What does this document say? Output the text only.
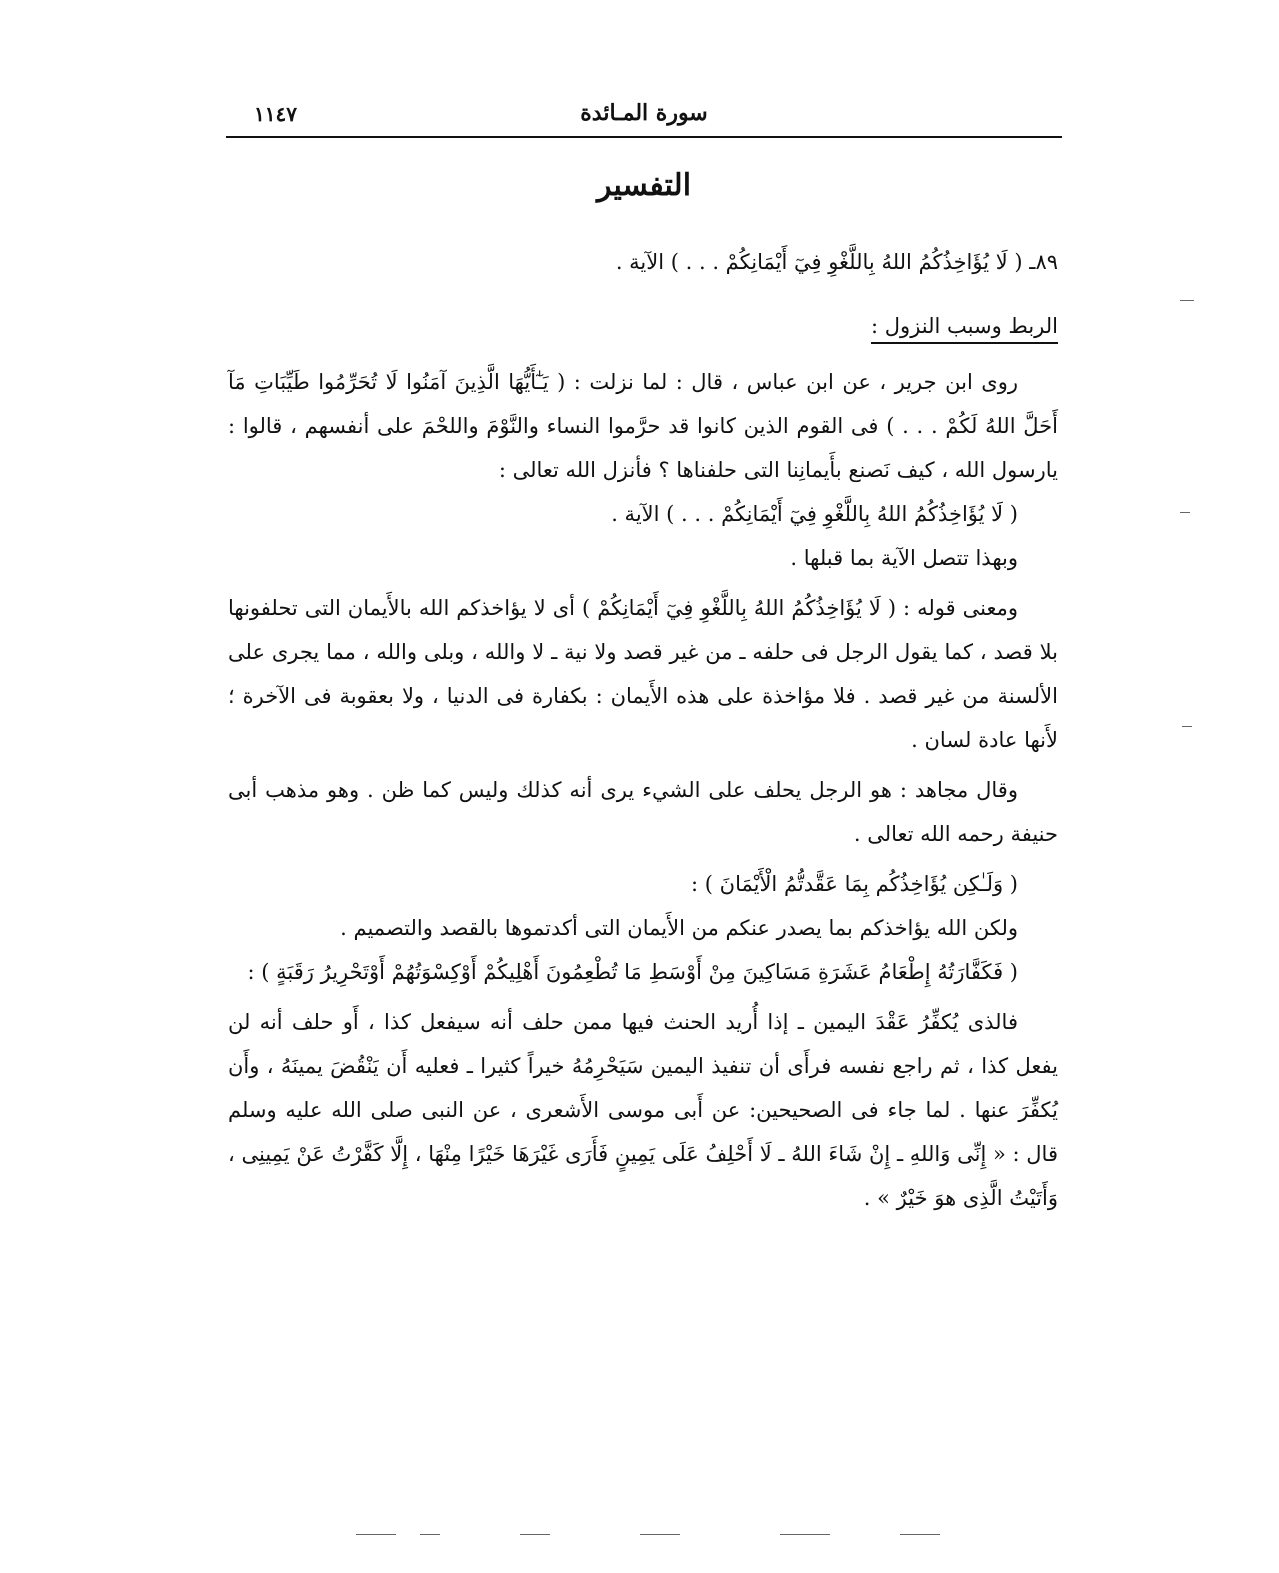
سورة المـائدة
١١٤٧
التفسير
٨٩ـ ( لَا يُؤَاخِذُكُمُ اللهُ بِاللَّغْوِ فِيٓ أَيْمَانِكُمْ . . . ) الآية .
الربط وسبب النزول :

روى ابن جرير ، عن ابن عباس ، قال : لما نزلت : ( يَـٰٓأَيُّهَا الَّذِينَ آمَنُوا لَا تُحَرِّمُوا طَيِّبَاتِ مَآ أَحَلَّ اللهُ لَكُمْ . . . ) فى القوم الذين كانوا قد حرَّموا النساء والنَّوْمَ واللحْمَ على أنفسهم ، قالوا : يارسول الله ، كيف نَصنع بأَيمانِنا التى حلفناها ؟ فأنزل الله تعالى :

( لَا يُؤَاخِذُكُمُ اللهُ بِاللَّغْوِ فِيٓ أَيْمَانِكُمْ . . . ) الآية .

وبهذا تتصل الآية بما قبلها .

ومعنى قوله : ( لَا يُؤَاخِذُكُمُ اللهُ بِاللَّغْوِ فِيٓ أَيْمَانِكُمْ ) أى لا يؤاخذكم الله بالأَيمان التى تحلفونها بلا قصد ، كما يقول الرجل فى حلفه ـ من غير قصد ولا نية ـ لا والله ، وبلى والله ، مما يجرى على الألسنة من غير قصد . فلا مؤاخذة على هذه الأَيمان : بكفارة فى الدنيا ، ولا بعقوبة فى الآخرة ؛ لأَنها عادة لسان .

وقال مجاهد : هو الرجل يحلف على الشيء يرى أنه كذلك وليس كما ظن . وهو مذهب أبى حنيفة رحمه الله تعالى .

( وَلَـٰكِن يُؤَاخِذُكُم بِمَا عَقَّدتُّمُ الْأَيْمَانَ ) :

ولكن الله يؤاخذكم بما يصدر عنكم من الأَيمان التى أكدتموها بالقصد والتصميم .

( فَكَفَّارَتُهُ إِطْعَامُ عَشَرَةِ مَسَاكِينَ مِنْ أَوْسَطِ مَا تُطْعِمُونَ أَهْلِيكُمْ أَوْكِسْوَتُهُمْ أَوْتَحْرِيرُ رَقَبَةٍ ) :

فالذى يُكفِّرُ عَقْدَ اليمين ـ إذا أُريد الحنث فيها ممن حلف أنه سيفعل كذا ، أَو حلف أنه لن يفعل كذا ، ثم راجع نفسه فرأَى أن تنفيذ اليمين سَيَحْرِمُهُ خيراً كثيرا ـ فعليه أَن يَنْقُضَ يمينَهُ ، وأَن يُكفِّرَ عنها . لما جاء فى الصحيحين: عن أَبى موسى الأَشعرى ، عن النبى صلى الله عليه وسلم قال : « إِنِّى وَاللهِ ـ إِنْ شَاءَ اللهُ ـ لَا أَحْلِفُ عَلَى يَمِينٍ فَأَرَى غَيْرَهَا خَيْرًا مِنْهَا ، إِلَّا كَفَّرْتُ عَنْ يَمِينِى ، وَأَتَيْتُ الَّذِى هوَ خَيْرٌ » .
